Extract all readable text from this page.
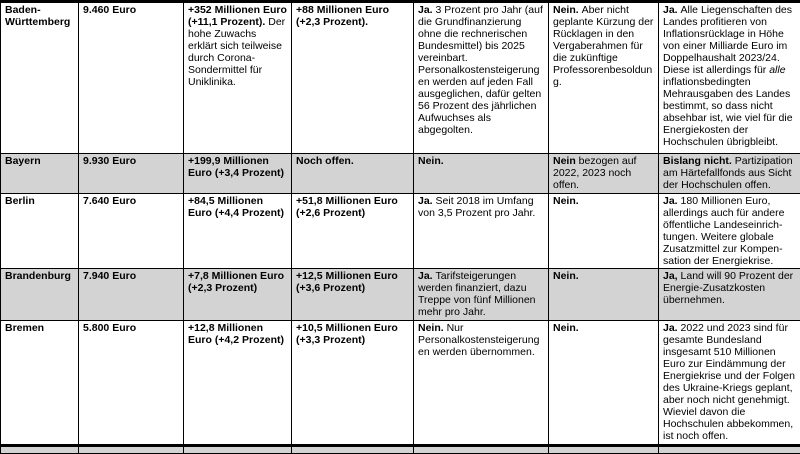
Baden-Württemberg	9.460 Euro	+352 Millionen Euro (+11,1 Prozent). Der hohe Zuwachs erklärt sich teilweise durch Corona-Sondermittel für Uniklinika.	+88 Millionen Euro (+2,3 Prozent).	Ja. 3 Prozent pro Jahr (auf die Grundfinanzierung ohne die rechnerischen Bundesmittel) bis 2025 vereinbart. Personalkostensteigerungen werden auf jeden Fall ausgeglichen, dafür gelten 56 Prozent des jährlichen Aufwuchses als abgegolten.	Nein. Aber nicht geplante Kürzung der Rücklagen in den Vergaberahmen für die zukünftige Professorenbesoldung.	Ja. Alle Liegenschaften des Landes profitieren von Inflationsrücklage in Höhe von einer Milliarde Euro im Doppelhaushalt 2023/24. Diese ist allerdings für alle inflationsbedingten Mehrausgaben des Landes bestimmt, so dass nicht absehbar ist, wie viel für die Energiekosten der Hochschulen übrigbleibt.
Bayern	9.930 Euro	+199,9 Millionen Euro (+3,4 Prozent)	Noch offen.	Nein.	Nein bezogen auf 2022, 2023 noch offen.	Bislang nicht. Partizipation am Härtefallfonds aus Sicht der Hochschulen offen.
Berlin	7.640 Euro	+84,5 Millionen Euro (+4,4 Prozent)	+51,8 Millionen Euro (+2,6 Prozent)	Ja. Seit 2018 im Umfang von 3,5 Prozent pro Jahr.	Nein.	Ja. 180 Millionen Euro, allerdings auch für andere öffentliche Landeseinrich-tungen. Weitere globale Zusatzmittel zur Kompen-sation der Energiekrise.
Brandenburg	7.940 Euro	+7,8 Millionen Euro (+2,3 Prozent)	+12,5 Millionen Euro (+3,6 Prozent)	Ja. Tarifsteigerungen werden finanziert, dazu Treppe von fünf Millionen mehr pro Jahr.	Nein.	Ja, Land will 90 Prozent der Energie-Zusatzkosten übernehmen.
Bremen	5.800 Euro	+12,8 Millionen Euro (+4,2 Prozent)	+10,5 Millionen Euro (+3,3 Prozent)	Nein. Nur Personalkostensteigerungen werden übernommen.	Nein.	Ja. 2022 und 2023 sind für gesamte Bundesland insgesamt 510 Millionen Euro zur Eindämmung der Energiekrise und der Folgen des Ukraine-Kriegs geplant, aber noch nicht genehmigt. Wieviel davon die Hochschulen abbekommen, ist noch offen.
